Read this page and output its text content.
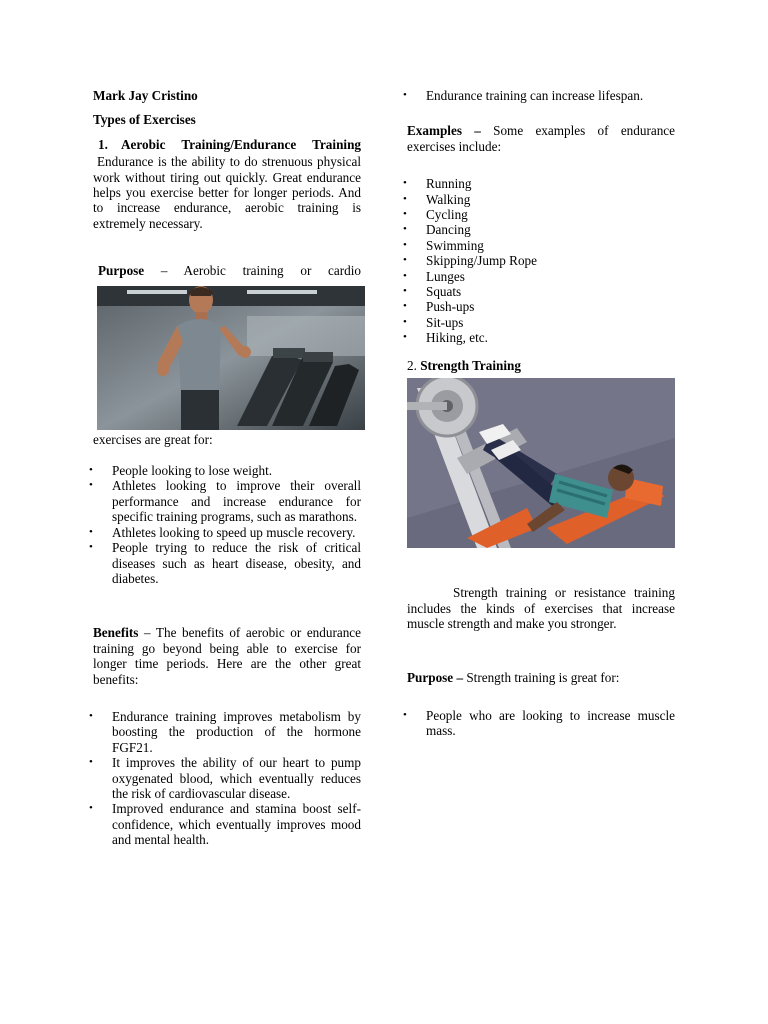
Mark Jay Cristino

Types of Exercises

1. Aerobic Training/Endurance Training

Endurance is the ability to do strenuous physical work without tiring out quickly. Great endurance helps you exercise better for longer periods. And to increase endurance, aerobic training is extremely necessary.

Purpose – Aerobic training or cardio

exercises are great for:

• People looking to lose weight.
• Athletes looking to improve their overall performance and increase endurance for specific training programs, such as marathons.
• Athletes looking to speed up muscle recovery.
• People trying to reduce the risk of critical diseases such as heart disease, obesity, and diabetes.

Benefits – The benefits of aerobic or endurance training go beyond being able to exercise for longer time periods. Here are the other great benefits:

• Endurance training improves metabolism by boosting the production of the hormone FGF21.
• It improves the ability of our heart to pump oxygenated blood, which eventually reduces the risk of cardiovascular disease.
• Improved endurance and stamina boost self-confidence, which eventually improves mood and mental health.
• Endurance training can increase lifespan.

Examples – Some examples of endurance exercises include:

• Running
• Walking
• Cycling
• Dancing
• Swimming
• Skipping/Jump Rope
• Lunges
• Squats
• Push-ups
• Sit-ups
• Hiking, etc.

2. Strength Training

Strength training or resistance training includes the kinds of exercises that increase muscle strength and make you stronger.

Purpose – Strength training is great for:

• People who are looking to increase muscle mass.
